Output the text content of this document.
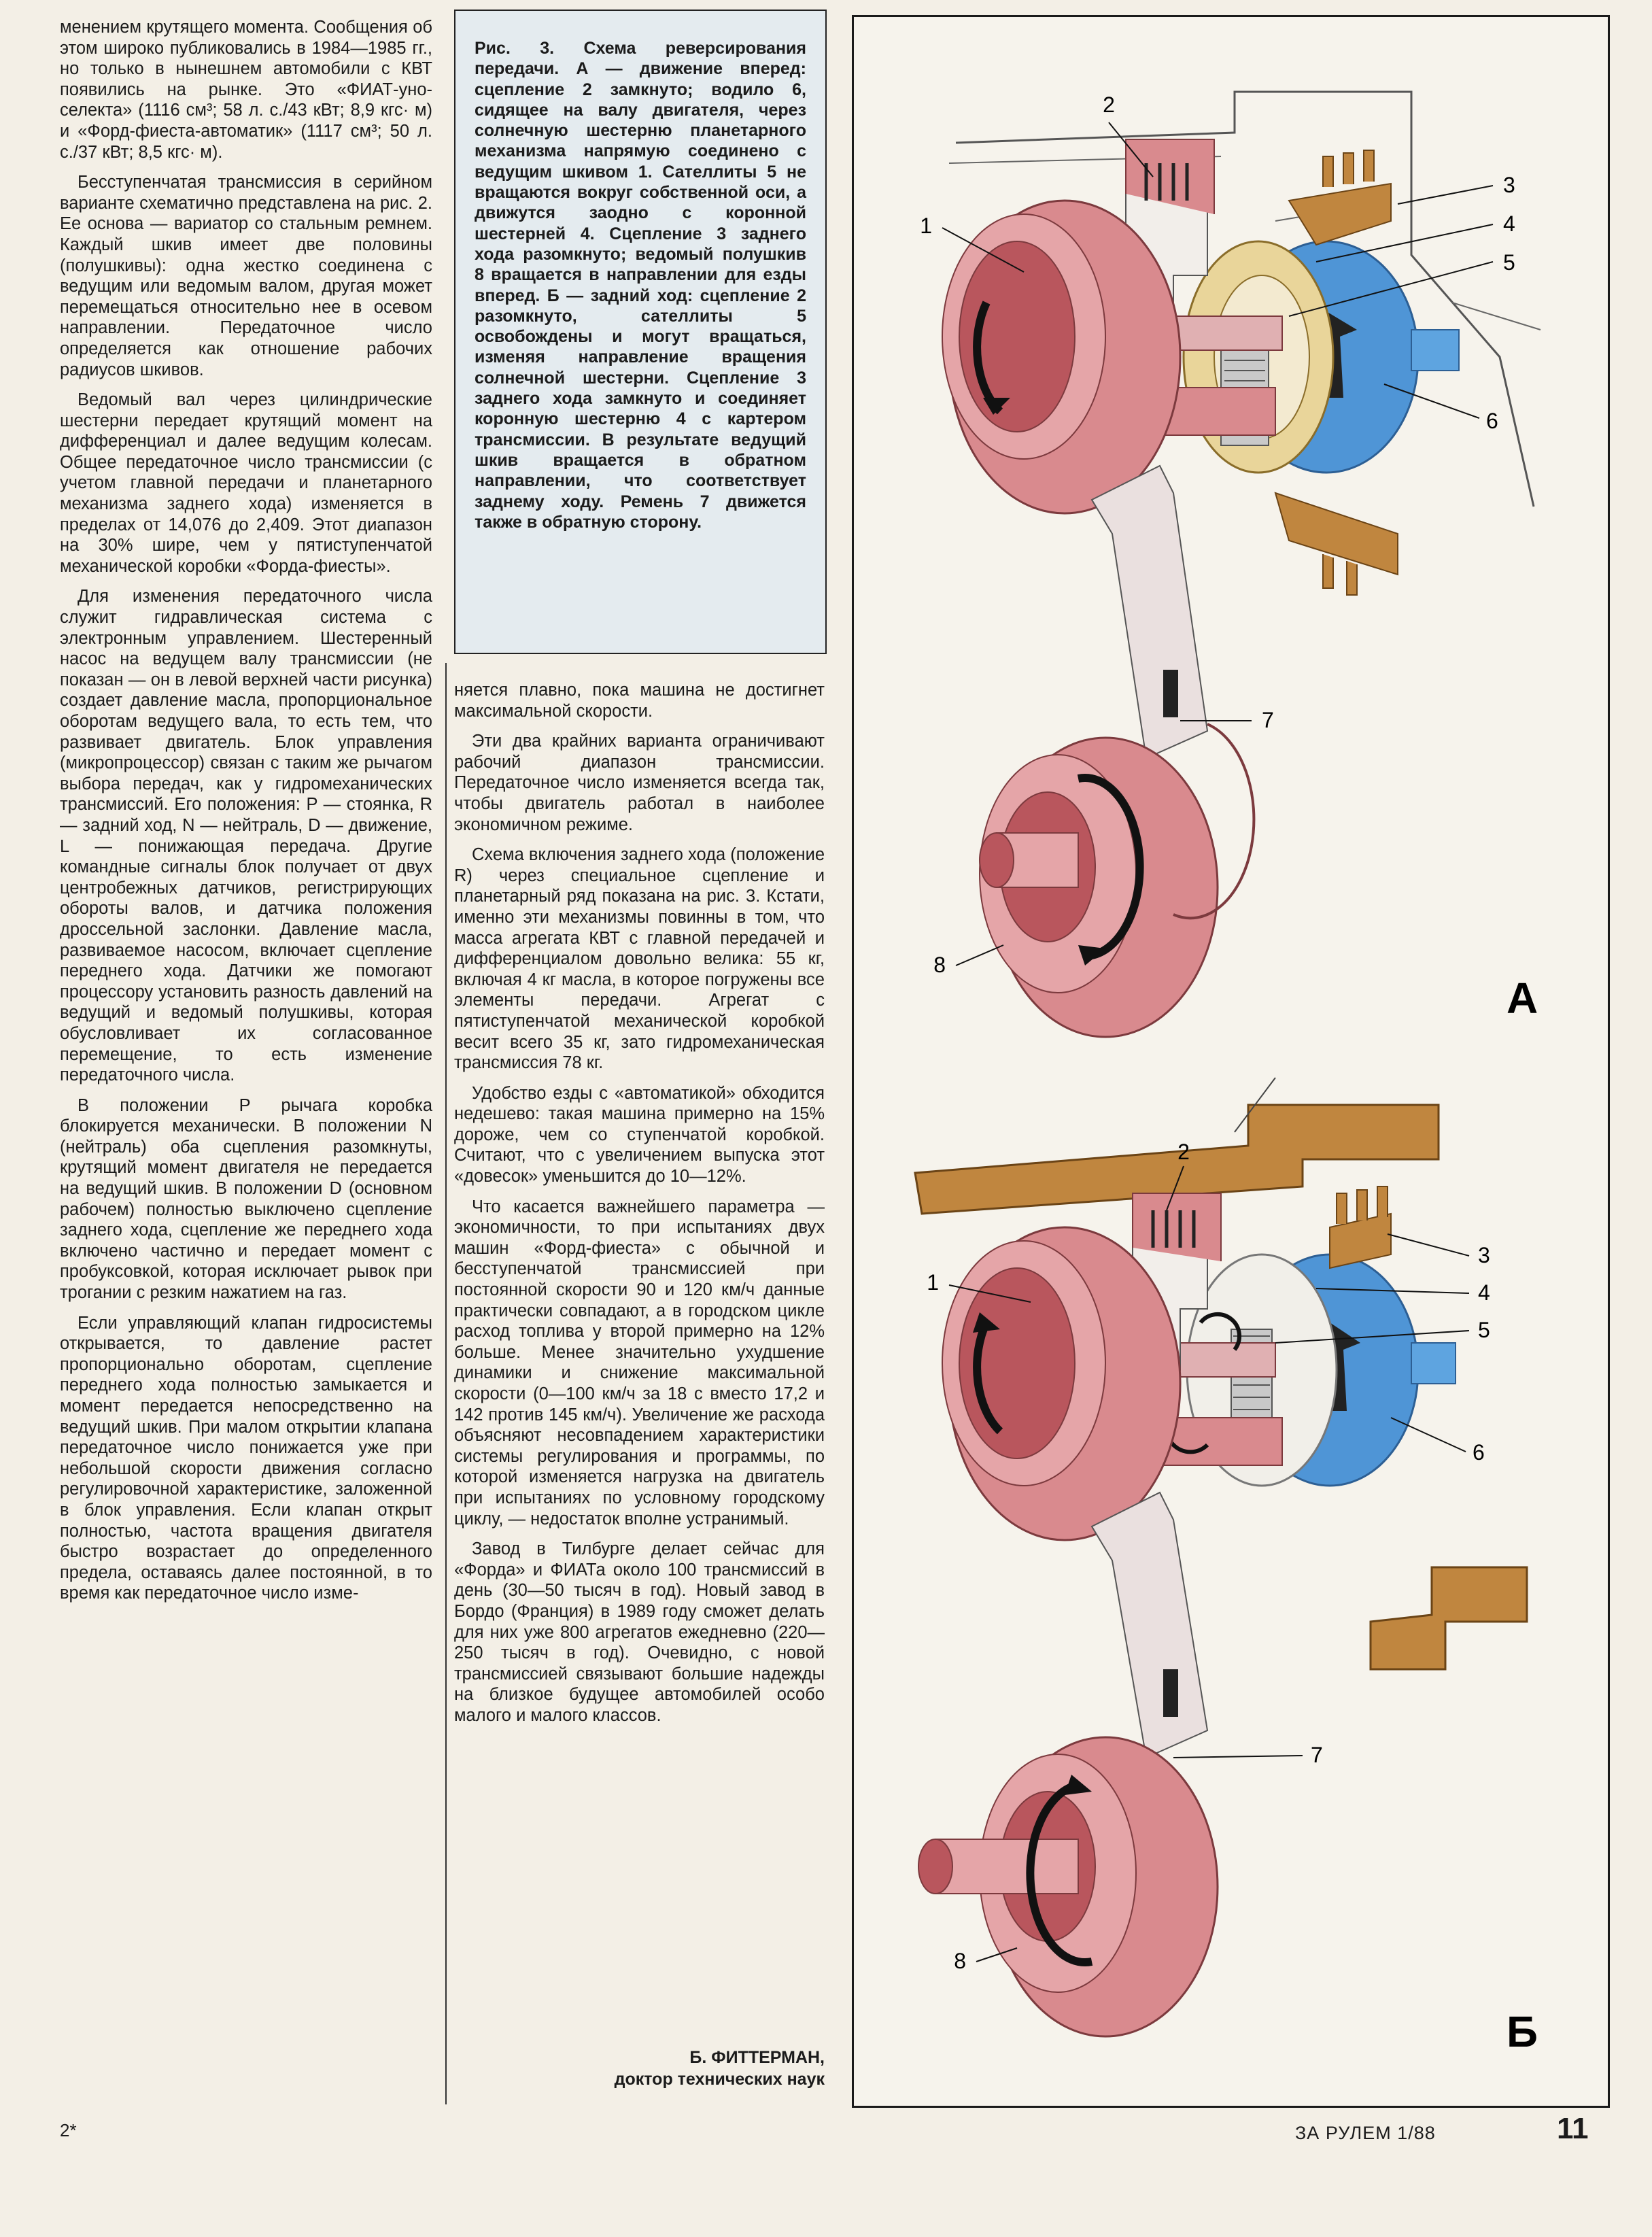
менением крутящего момента. Сообщения об этом широко публиковались в 1984—1985 гг., но только в нынешнем автомобили с КВТ появились на рынке. Это «ФИАТ-уно-селекта» (1116 см³; 58 л. с./43 кВт; 8,9 кгс· м) и «Форд-фиеста-автоматик» (1117 см³; 50 л. с./37 кВт; 8,5 кгс· м).

Бесступенчатая трансмиссия в серийном варианте схематично представлена на рис. 2. Ее основа — вариатор со стальным ремнем. Каждый шкив имеет две половины (полушкивы): одна жестко соединена с ведущим или ведомым валом, другая может перемещаться относительно нее в осевом направлении. Передаточное число определяется как отношение рабочих радиусов шкивов.

Ведомый вал через цилиндрические шестерни передает крутящий момент на дифференциал и далее ведущим колесам. Общее передаточное число трансмиссии (с учетом главной передачи и планетарного механизма заднего хода) изменяется в пределах от 14,076 до 2,409. Этот диапазон на 30% шире, чем у пятиступенчатой механической коробки «Форда-фиесты».

Для изменения передаточного числа служит гидравлическая система с электронным управлением. Шестеренный насос на ведущем валу трансмиссии (не показан — он в левой верхней части рисунка) создает давление масла, пропорциональное оборотам ведущего вала, то есть тем, что развивает двигатель. Блок управления (микропроцессор) связан с таким же рычагом выбора передач, как у гидромеханических трансмиссий. Его положения: P — стоянка, R — задний ход, N — нейтраль, D — движение, L — понижающая передача. Другие командные сигналы блок получает от двух центробежных датчиков, регистрирующих обороты валов, и датчика положения дроссельной заслонки. Давление масла, развиваемое насосом, включает сцепление переднего хода. Датчики же помогают процессору установить разность давлений на ведущий и ведомый полушкивы, которая обусловливает их согласованное перемещение, то есть изменение передаточного числа.

В положении P рычага коробка блокируется механически. В положении N (нейтраль) оба сцепления разомкнуты, крутящий момент двигателя не передается на ведущий шкив. В положении D (основном рабочем) полностью выключено сцепление заднего хода, сцепление же переднего хода включено частично и передает момент с пробуксовкой, которая исключает рывок при трогании с резким нажатием на газ.

Если управляющий клапан гидросистемы открывается, то давление растет пропорционально оборотам, сцепление переднего хода полностью замыкается и момент передается непосредственно на ведущий шкив. При малом открытии клапана передаточное число понижается уже при небольшой скорости движения согласно регулировочной характеристике, заложенной в блок управления. Если клапан открыт полностью, частота вращения двигателя быстро возрастает до определенного предела, оставаясь далее постоянной, в то время как передаточное число изме-

Рис. 3. Схема реверсирования передачи. А — движение вперед: сцепление 2 замкнуто; водило 6, сидящее на валу двигателя, через солнечную шестерню планетарного механизма напрямую соединено с ведущим шкивом 1. Сателлиты 5 не вращаются вокруг собственной оси, а движутся заодно с коронной шестерней 4. Сцепление 3 заднего хода разомкнуто; ведомый полушкив 8 вращается в направлении для езды вперед. Б — задний ход: сцепление 2 разомкнуто, сателлиты 5 освобождены и могут вращаться, изменяя направление вращения солнечной шестерни. Сцепление 3 заднего хода замкнуто и соединяет коронную шестерню 4 с картером трансмиссии. В результате ведущий шкив вращается в обратном направлении, что соответствует заднему ходу. Ремень 7 движется также в обратную сторону.

няется плавно, пока машина не достигнет максимальной скорости.

Эти два крайних варианта ограничивают рабочий диапазон трансмиссии. Передаточное число изменяется всегда так, чтобы двигатель работал в наиболее экономичном режиме.

Схема включения заднего хода (положение R) через специальное сцепление и планетарный ряд показана на рис. 3. Кстати, именно эти механизмы повинны в том, что масса агрегата КВТ с главной передачей и дифференциалом довольно велика: 55 кг, включая 4 кг масла, в которое погружены все элементы передачи. Агрегат с пятиступенчатой механической коробкой весит всего 35 кг, зато гидромеханическая трансмиссия 78 кг.

Удобство езды с «автоматикой» обходится недешево: такая машина примерно на 15% дороже, чем со ступенчатой коробкой. Считают, что с увеличением выпуска этот «довесок» уменьшится до 10—12%.

Что касается важнейшего параметра — экономичности, то при испытаниях двух машин «Форд-фиеста» с обычной и бесступенчатой трансмиссией при постоянной скорости 90 и 120 км/ч данные практически совпадают, а в городском цикле расход топлива у второй примерно на 12% больше. Менее значительно ухудшение динамики и снижение максимальной скорости (0—100 км/ч за 18 с вместо 17,2 и 142 против 145 км/ч). Увеличение же расхода объясняют несовпадением характеристики системы регулирования и программы, по которой изменяется нагрузка на двигатель при испытаниях по условному городскому циклу, — недостаток вполне устранимый.

Завод в Тилбурге делает сейчас для «Форда» и ФИАТа около 100 трансмиссий в день (30—50 тысяч в год). Новый завод в Бордо (Франция) в 1989 году сможет делать для них уже 800 агрегатов ежедневно (220—250 тысяч в год). Очевидно, с новой трансмиссией связывают большие надежды на близкое будущее автомобилей особо малого и малого классов.

Б. ФИТТЕРМАН,
доктор технических наук
1
2
3
4
5
6
7
8
А
1
2
3
4
5
6
7
8
Б
2*	ЗА РУЛЕМ 1/88	11
